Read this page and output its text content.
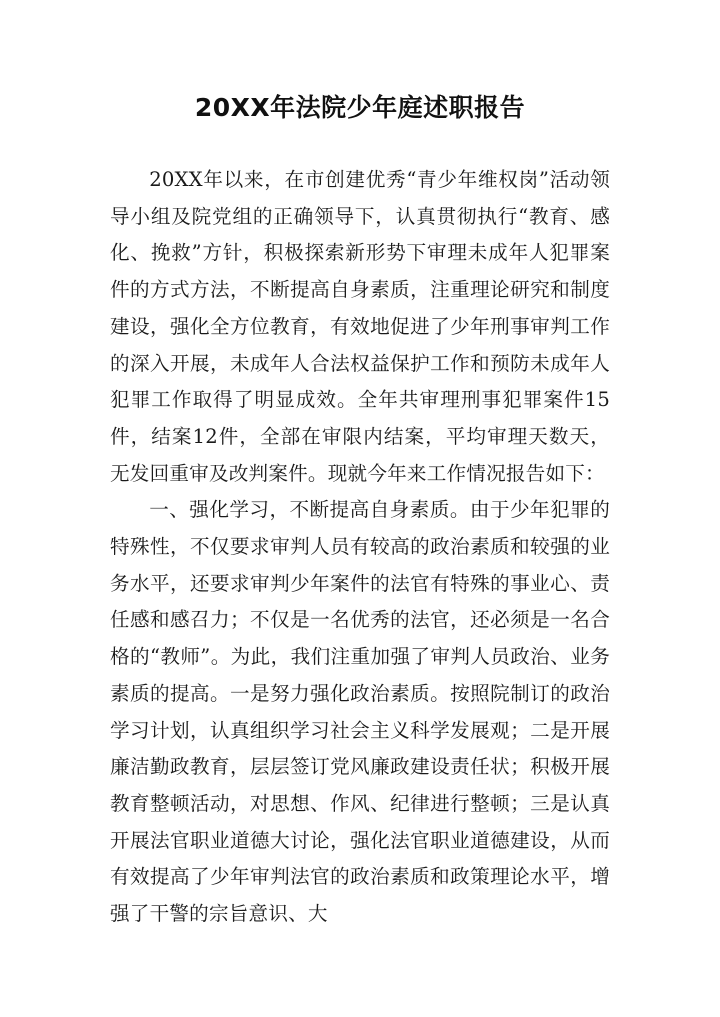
20XX年法院少年庭述职报告

20XX年以来，在市创建优秀“青少年维权岗”活动领导小组及院党组的正确领导下，认真贯彻执行“教育、感化、挽救”方针，积极探索新形势下审理未成年人犯罪案件的方式方法，不断提高自身素质，注重理论研究和制度建设，强化全方位教育，有效地促进了少年刑事审判工作的深入开展，未成年人合法权益保护工作和预防未成年人犯罪工作取得了明显成效。全年共审理刑事犯罪案件15件，结案12件，全部在审限内结案，平均审理天数天，无发回重审及改判案件。现就今年来工作情况报告如下：

一、强化学习，不断提高自身素质。由于少年犯罪的特殊性，不仅要求审判人员有较高的政治素质和较强的业务水平，还要求审判少年案件的法官有特殊的事业心、责任感和感召力；不仅是一名优秀的法官，还必须是一名合格的“教师”。为此，我们注重加强了审判人员政治、业务素质的提高。一是努力强化政治素质。按照院制订的政治学习计划，认真组织学习社会主义科学发展观；二是开展廉洁勤政教育，层层签订党风廉政建设责任状；积极开展教育整顿活动，对思想、作风、纪律进行整顿；三是认真开展法官职业道德大讨论，强化法官职业道德建设，从而有效提高了少年审判法官的政治素质和政策理论水平，增强了干警的宗旨意识、大
